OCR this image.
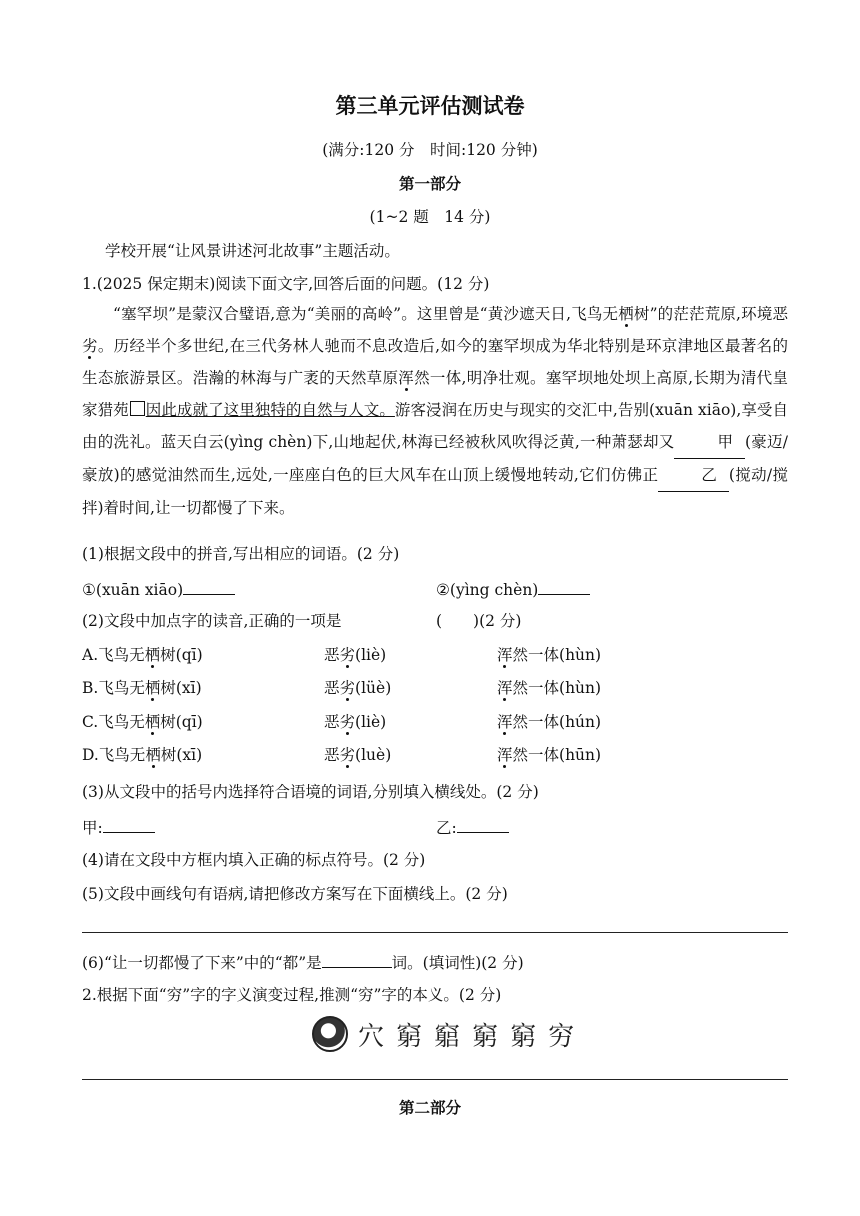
第三单元评估测试卷
(满分:120 分　时间:120 分钟)
第一部分
(1~2 题　14 分)
学校开展“让风景讲述河北故事”主题活动。
1.(2025 保定期末)阅读下面文字,回答后面的问题。(12 分)
“塞罕坝”是蒙汉合璧语,意为“美丽的高岭”。这里曾是“黄沙遮天日,飞鸟无栖树”的茫茫荒原,环境恶劣。历经半个多世纪,在三代务林人驰而不息改造后,如今的塞罕坝成为华北特别是环京津地区最著名的生态旅游景区。浩瀚的林海与广袤的天然草原浑然一体,明净壮观。塞罕坝地处坝上高原,长期为清代皇家猎苑 因此成就了这里独特的自然与人文。游客浸润在历史与现实的交汇中,告别(xuān xiāo),享受自由的洗礼。蓝天白云(yìng chèn)下,山地起伏,林海已经被秋风吹得泛黄,一种萧瑟却又	甲 (豪迈/豪放)的感觉油然而生,远处,一座座白色的巨大风车在山顶上缓慢地转动,它们仿佛正	乙 (搅动/搅拌)着时间,让一切都慢了下来。
(1)根据文段中的拼音,写出相应的词语。(2 分)
①(xuān xiāo)	②(yìng chèn)
(2)文段中加点字的读音,正确的一项是	(　　)(2 分)
A.飞鸟无栖树(qī)	恶劣(liè)	浑然一体(hùn)
B.飞鸟无栖树(xī)	恶劣(lüè)	浑然一体(hùn)
C.飞鸟无栖树(qī)	恶劣(liè)	浑然一体(hún)
D.飞鸟无栖树(xī)	恶劣(luè)	浑然一体(hūn)
(3)从文段中的括号内选择符合语境的词语,分别填入横线处。(2 分)
甲:	乙:
(4)请在文段中方框内填入正确的标点符号。(2 分)
(5)文段中画线句有语病,请把修改方案写在下面横线上。(2 分)
(6)“让一切都慢了下来”中的“都”是	词。(填词性)(2 分)
2.根据下面“穷”字的字义演变过程,推测“穷”字的本义。(2 分)
穴 窮 竆 窮 窮 穷
第二部分
